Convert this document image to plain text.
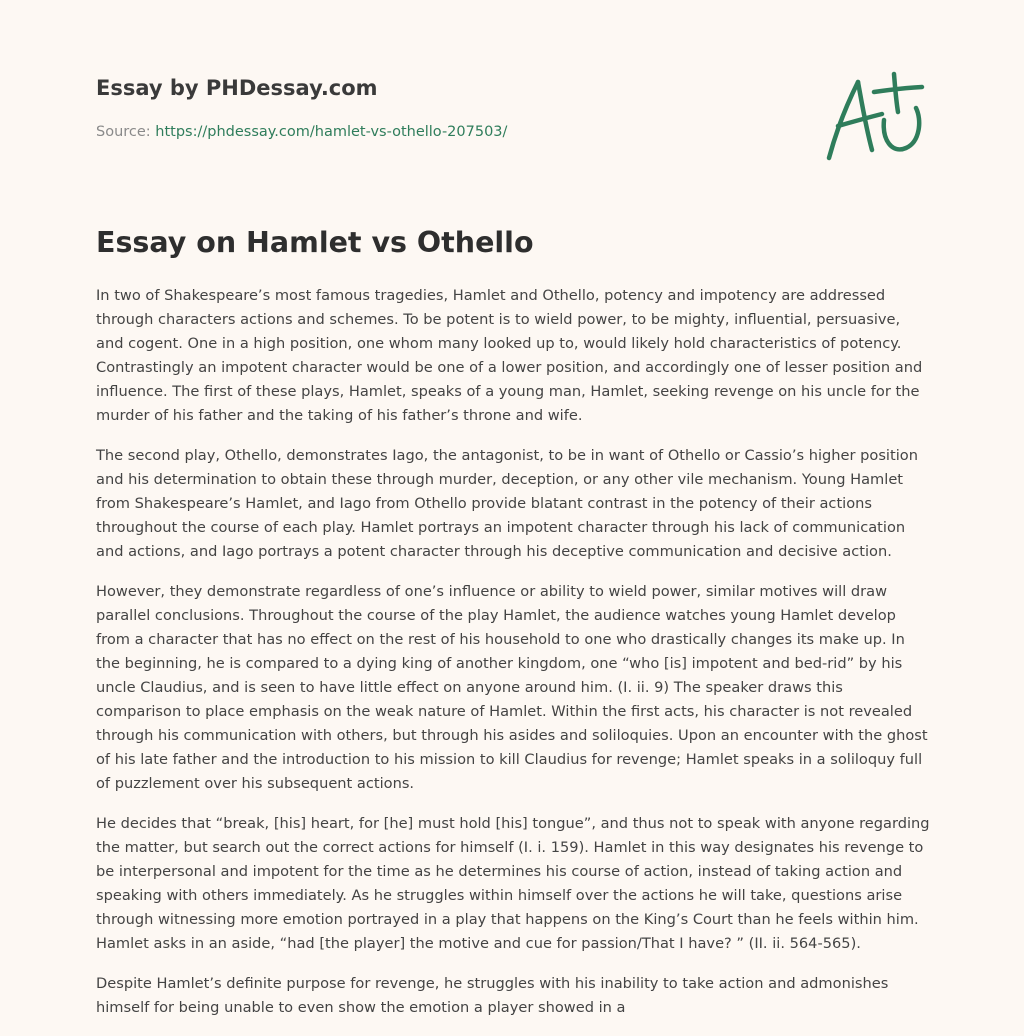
Essay by PHDessay.com
Source: https://phdessay.com/hamlet-vs-othello-207503/
Essay on Hamlet vs Othello

In two of Shakespeare’s most famous tragedies, Hamlet and Othello, potency and impotency are addressed through characters actions and schemes. To be potent is to wield power, to be mighty, influential, persuasive, and cogent. One in a high position, one whom many looked up to, would likely hold characteristics of potency. Contrastingly an impotent character would be one of a lower position, and accordingly one of lesser position and influence. The first of these plays, Hamlet, speaks of a young man, Hamlet, seeking revenge on his uncle for the murder of his father and the taking of his father’s throne and wife.

The second play, Othello, demonstrates Iago, the antagonist, to be in want of Othello or Cassio’s higher position and his determination to obtain these through murder, deception, or any other vile mechanism. Young Hamlet from Shakespeare’s Hamlet, and Iago from Othello provide blatant contrast in the potency of their actions throughout the course of each play. Hamlet portrays an impotent character through his lack of communication and actions, and Iago portrays a potent character through his deceptive communication and decisive action.

However, they demonstrate regardless of one’s influence or ability to wield power, similar motives will draw parallel conclusions. Throughout the course of the play Hamlet, the audience watches young Hamlet develop from a character that has no effect on the rest of his household to one who drastically changes its make up. In the beginning, he is compared to a dying king of another kingdom, one “who [is] impotent and bed-rid” by his uncle Claudius, and is seen to have little effect on anyone around him. (I. ii. 9) The speaker draws this comparison to place emphasis on the weak nature of Hamlet. Within the first acts, his character is not revealed through his communication with others, but through his asides and soliloquies. Upon an encounter with the ghost of his late father and the introduction to his mission to kill Claudius for revenge; Hamlet speaks in a soliloquy full of puzzlement over his subsequent actions.

He decides that “break, [his] heart, for [he] must hold [his] tongue”, and thus not to speak with anyone regarding the matter, but search out the correct actions for himself (I. i. 159). Hamlet in this way designates his revenge to be interpersonal and impotent for the time as he determines his course of action, instead of taking action and speaking with others immediately. As he struggles within himself over the actions he will take, questions arise through witnessing more emotion portrayed in a play that happens on the King’s Court than he feels within him. Hamlet asks in an aside, “had [the player] the motive and cue for passion/That I have? ” (II. ii. 564-565).

Despite Hamlet’s definite purpose for revenge, he struggles with his inability to take action and admonishes himself for being unable to even show the emotion a player showed in a
